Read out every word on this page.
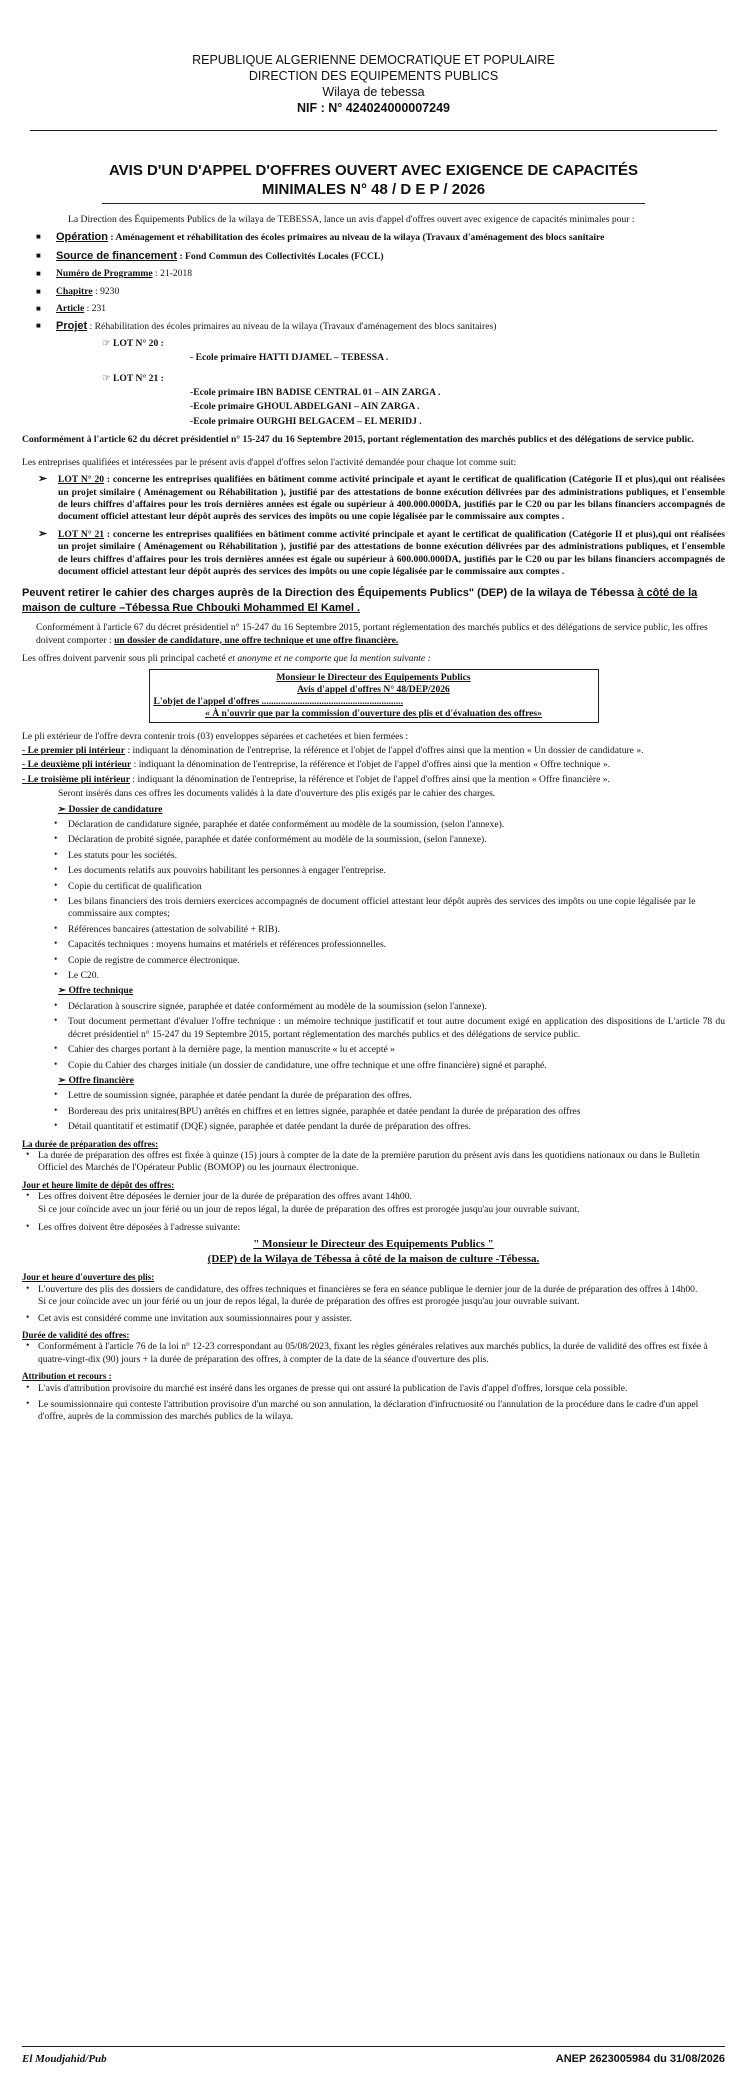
REPUBLIQUE ALGERIENNE DEMOCRATIQUE ET POPULAIRE
DIRECTION DES EQUIPEMENTS PUBLICS
Wilaya de tebessa
NIF : N° 424024000007249
AVIS D'UN D'APPEL D'OFFRES OUVERT AVEC EXIGENCE DE CAPACITÉS
MINIMALES N° 48 / D E P / 2026

La Direction des Équipements Publics de la wilaya de TEBESSA, lance un avis d'appel d'offres ouvert avec exigence de capacités minimales pour :

■ Opération : Aménagement et réhabilitation des écoles primaires au niveau de la wilaya (Travaux d'aménagement des blocs sanitaire

■ Source de financement : Fond Commun des Collectivités Locales (FCCL)

■ Numéro de Programme : 21-2018

■ Chapitre : 9230

■ Article : 231

■ Projet : Réhabilitation des écoles primaires au niveau de la wilaya (Travaux d'aménagement des blocs sanitaires)

☞ LOT N° 20 :

- Ecole primaire HATTI DJAMEL – TEBESSA .

☞ LOT N° 21 :

-Ecole primaire IBN BADISE CENTRAL 01 – AIN ZARGA .

-Ecole primaire GHOUL ABDELGANI – AIN ZARGA .

-Ecole primaire OURGHI BELGACEM – EL MERIDJ .

Conformément à l'article 62 du décret présidentiel n° 15-247 du 16 Septembre 2015, portant réglementation des marchés publics et des délégations de service public.

Les entreprises qualifiées et intéressées par le présent avis d'appel d'offres selon l'activité demandée pour chaque lot comme suit:

➢ LOT N° 20 : concerne les entreprises qualifiées en bâtiment comme activité principale et ayant le certificat de qualification (Catégorie II et plus),qui ont réalisées un projet similaire ( Aménagement ou Réhabilitation ), justifié par des attestations de bonne exécution délivrées par des administrations publiques, et l'ensemble de leurs chiffres d'affaires pour les trois dernières années est égale ou supérieur à 400.000.000DA, justifiés par le C20 ou par les bilans financiers accompagnés de document officiel attestant leur dépôt auprès des services des impôts ou une copie légalisée par le commissaire aux comptes .

➢ LOT N° 21 : concerne les entreprises qualifiées en bâtiment comme activité principale et ayant le certificat de qualification (Catégorie II et plus),qui ont réalisées un projet similaire ( Aménagement ou Réhabilitation ), justifié par des attestations de bonne exécution délivrées par des administrations publiques, et l'ensemble de leurs chiffres d'affaires pour les trois dernières années est égale ou supérieur à 600.000.000DA, justifiés par le C20 ou par les bilans financiers accompagnés de document officiel attestant leur dépôt auprès des services des impôts ou une copie légalisée par le commissaire aux comptes .

Peuvent retirer le cahier des charges auprès de la Direction des Équipements Publics" (DEP) de la wilaya de Tébessa à côté de la maison de culture –Tébessa Rue Chbouki Mohammed El Kamel .

Conformément à l'article 67 du décret présidentiel n° 15-247 du 16 Septembre 2015, portant réglementation des marchés publics et des délégations de service public, les offres doivent comporter : un dossier de candidature, une offre technique et une offre financière.

Les offres doivent parvenir sous pli principal cacheté et anonyme et ne comporte que la mention suivante :

Monsieur le Directeur des Equipements Publics
Avis d'appel d'offres N° 48/DEP/2026
L'objet de l'appel d'offres ...........................................................
« À n'ouvrir que par la commission d'ouverture des plis et d'évaluation des offres»

Le pli extérieur de l'offre devra contenir trois (03) enveloppes séparées et cachetées et bien fermées :

- Le premier pli intérieur : indiquant la dénomination de l'entreprise, la référence et l'objet de l'appel d'offres ainsi que la mention « Un dossier de candidature ».

- Le deuxième pli intérieur : indiquant la dénomination de l'entreprise, la référence et l'objet de l'appel d'offres ainsi que la mention « Offre technique ».

- Le troisième pli intérieur : indiquant la dénomination de l'entreprise, la référence et l'objet de l'appel d'offres ainsi que la mention « Offre financière ».

Seront insérés dans ces offres les documents validés à la date d'ouverture des plis exigés par le cahier des charges.

➢ Dossier de candidature

• Déclaration de candidature signée, paraphée et datée conformément au modèle de la soumission, (selon l'annexe).

• Déclaration de probité signée, paraphée et datée conformément au modèle de la soumission, (selon l'annexe).

• Les statuts pour les sociétés.

• Les documents relatifs aux pouvoirs habilitant les personnes à engager l'entreprise.

• Copie du certificat de qualification

• Les bilans financiers des trois derniers exercices accompagnés de document officiel attestant leur dépôt auprès des services des impôts ou une copie légalisée par le commissaire aux comptes;

• Références bancaires (attestation de solvabilité + RIB).

• Capacités techniques : moyens humains et matériels et références professionnelles.

• Copie de registre de commerce électronique.

• Le C20.

➢ Offre technique

• Déclaration à souscrire signée, paraphée et datée conformément au modèle de la soumission (selon l'annexe).

• Tout document permettant d'évaluer l'offre technique : un mémoire technique justificatif et tout autre document exigé en application des dispositions de L'article 78 du décret présidentiel n° 15-247 du 19 Septembre 2015, portant réglementation des marchés publics et des délégations de service public.

• Cahier des charges portant à la dernière page, la mention manuscrite « lu et accepté »

• Copie du Cahier des charges initiale (un dossier de candidature, une offre technique et une offre financière) signé et paraphé.

➢ Offre financière

• Lettre de soumission signée, paraphée et datée pendant la durée de préparation des offres.

• Bordereau des prix unitaires(BPU) arrêtés en chiffres et en lettres signée, paraphée et datée pendant la durée de préparation des offres

• Détail quantitatif et estimatif (DQE) signée, paraphée et datée pendant la durée de préparation des offres.

La durée de préparation des offres:

• La durée de préparation des offres est fixée à quinze (15) jours à compter de la date de la première parution du présent avis dans les quotidiens nationaux ou dans le Bulletin Officiel des Marchés de l'Opérateur Public (BOMOP) ou les journaux électronique.

Jour et heure limite de dépôt des offres:

• Les offres doivent être déposées le dernier jour de la durée de préparation des offres avant 14h00.

Si ce jour coïncide avec un jour férié ou un jour de repos légal, la durée de préparation des offres est prorogée jusqu'au jour ouvrable suivant.

• Les offres doivent être déposées à l'adresse suivante:

" Monsieur le Directeur des Equipements Publics "

(DEP) de la Wilaya de Tébessa à côté de la maison de culture -Tébessa.

Jour et heure d'ouverture des plis:

• L'ouverture des plis des dossiers de candidature, des offres techniques et financières se fera en séance publique le dernier jour de la durée de préparation des offres à 14h00.

Si ce jour coïncide avec un jour férié ou un jour de repos légal, la durée de préparation des offres est prorogée jusqu'au jour ouvrable suivant.

• Cet avis est considéré comme une invitation aux soumissionnaires pour y assister.

Durée de validité des offres:

• Conformément à l'article 76 de la loi n° 12-23 correspondant au 05/08/2023, fixant les règles générales relatives aux marchés publics, la durée de validité des offres est fixée à quatre-vingt-dix (90) jours + la durée de préparation des offres, à compter de la date de la séance d'ouverture des plis.

Attribution et recours :

• L'avis d'attribution provisoire du marché est inséré dans les organes de presse qui ont assuré la publication de l'avis d'appel d'offres, lorsque cela possible.

• Le soumissionnaire qui conteste l'attribution provisoire d'un marché ou son annulation, la déclaration d'infructuosité ou l'annulation de la procédure dans le cadre d'un appel d'offre, auprès de la commission des marchés publics de la wilaya.

El Moudjahid/Pub	ANEP 2623005984 du 31/08/2026
